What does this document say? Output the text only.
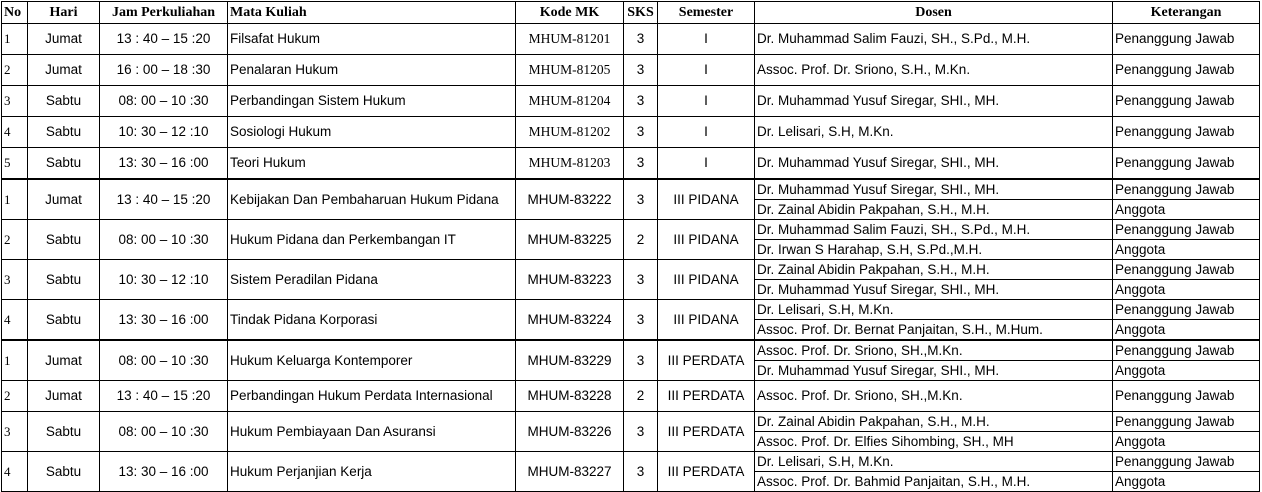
No	Hari	Jam Perkuliahan	Mata Kuliah	Kode MK	SKS	Semester	Dosen	Keterangan
1	Jumat	13 : 40 – 15 :20	Filsafat Hukum	MHUM-81201	3	I	Dr. Muhammad Salim Fauzi, SH., S.Pd., M.H.	Penanggung Jawab
2	Jumat	16 : 00 – 18 :30	Penalaran Hukum	MHUM-81205	3	I	Assoc. Prof. Dr. Sriono, S.H., M.Kn.	Penanggung Jawab
3	Sabtu	08: 00 – 10 :30	Perbandingan Sistem Hukum	MHUM-81204	3	I	Dr. Muhammad Yusuf Siregar, SHI., MH.	Penanggung Jawab
4	Sabtu	10: 30 – 12 :10	Sosiologi Hukum	MHUM-81202	3	I	Dr. Lelisari, S.H, M.Kn.	Penanggung Jawab
5	Sabtu	13: 30 – 16 :00	Teori Hukum	MHUM-81203	3	I	Dr. Muhammad Yusuf Siregar, SHI., MH.	Penanggung Jawab
1	Jumat	13 : 40 – 15 :20	Kebijakan Dan Pembaharuan Hukum Pidana	MHUM-83222	3	III PIDANA	Dr. Muhammad Yusuf Siregar, SHI., MH.	Penanggung Jawab
							Dr. Zainal Abidin Pakpahan, S.H., M.H.	Anggota
2	Sabtu	08: 00 – 10 :30	Hukum Pidana dan Perkembangan IT	MHUM-83225	2	III PIDANA	Dr. Muhammad Salim Fauzi, SH., S.Pd., M.H.	Penanggung Jawab
							Dr. Irwan S Harahap, S.H, S.Pd.,M.H.	Anggota
3	Sabtu	10: 30 – 12 :10	Sistem Peradilan Pidana	MHUM-83223	3	III PIDANA	Dr. Zainal Abidin Pakpahan, S.H., M.H.	Penanggung Jawab
							Dr. Muhammad Yusuf Siregar, SHI., MH.	Anggota
4	Sabtu	13: 30 – 16 :00	Tindak Pidana Korporasi	MHUM-83224	3	III PIDANA	Dr. Lelisari, S.H, M.Kn.	Penanggung Jawab
							Assoc. Prof. Dr. Bernat Panjaitan, S.H., M.Hum.	Anggota
1	Jumat	08: 00 – 10 :30	Hukum Keluarga Kontemporer	MHUM-83229	3	III PERDATA	Assoc. Prof. Dr. Sriono, SH.,M.Kn.	Penanggung Jawab
							Dr. Muhammad Yusuf Siregar, SHI., MH.	Anggota
2	Jumat	13 : 40 – 15 :20	Perbandingan Hukum Perdata Internasional	MHUM-83228	2	III PERDATA	Assoc. Prof. Dr. Sriono, SH.,M.Kn.	Penanggung Jawab
3	Sabtu	08: 00 – 10 :30	Hukum Pembiayaan Dan Asuransi	MHUM-83226	3	III PERDATA	Dr. Zainal Abidin Pakpahan, S.H., M.H.	Penanggung Jawab
							Assoc. Prof. Dr. Elfies Sihombing, SH., MH	Anggota
4	Sabtu	13: 30 – 16 :00	Hukum Perjanjian Kerja	MHUM-83227	3	III PERDATA	Dr. Lelisari, S.H, M.Kn.	Penanggung Jawab
							Assoc. Prof. Dr. Bahmid Panjaitan, S.H., M.H.	Anggota
